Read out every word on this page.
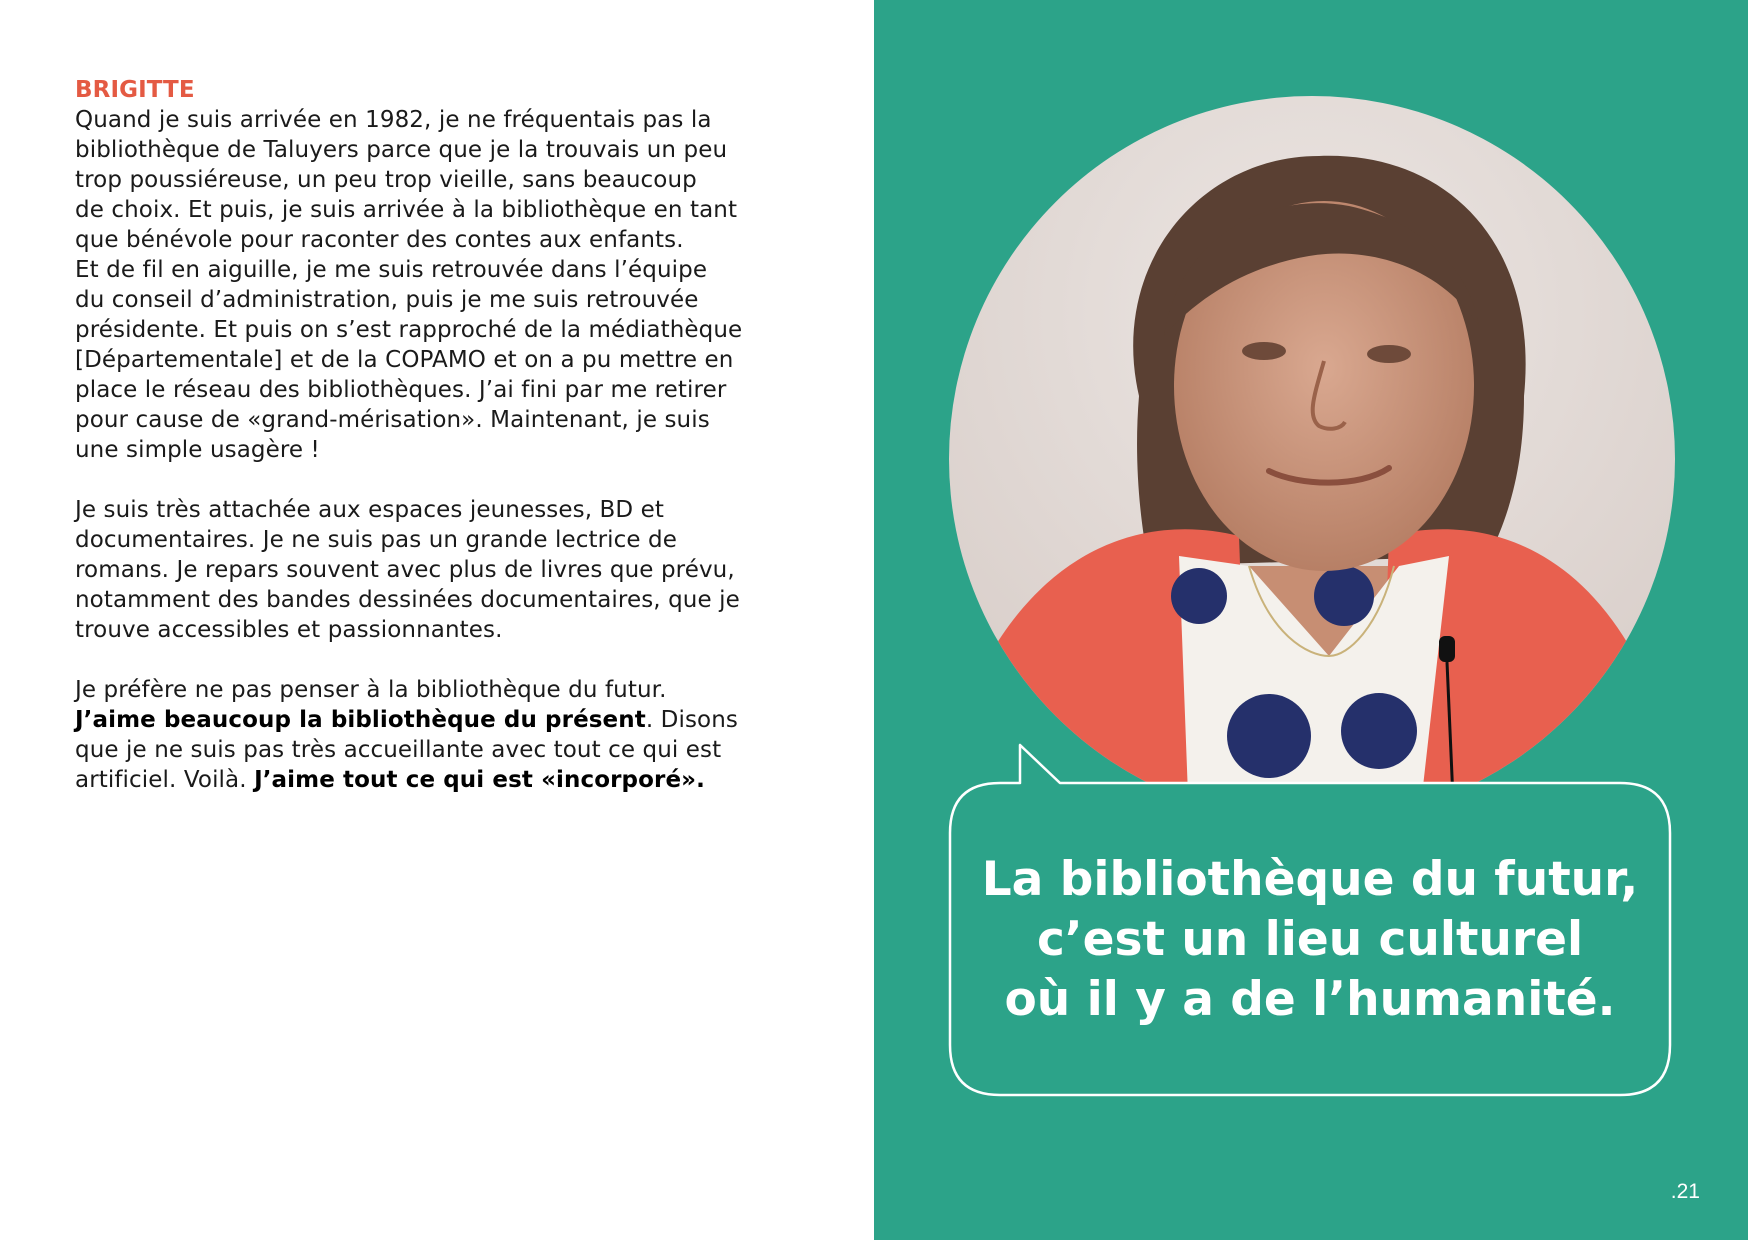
BRIGITTE
Quand je suis arrivée en 1982, je ne fréquentais pas la
bibliothèque de Taluyers parce que je la trouvais un peu
trop poussiéreuse, un peu trop vieille, sans beaucoup
de choix. Et puis, je suis arrivée à la bibliothèque en tant
que bénévole pour raconter des contes aux enfants.
Et de fil en aiguille, je me suis retrouvée dans l’équipe
du conseil d’administration, puis je me suis retrouvée
présidente. Et puis on s’est rapproché de la médiathèque
[Départementale] et de la COPAMO et on a pu mettre en
place le réseau des bibliothèques. J’ai fini par me retirer
pour cause de «grand-mérisation». Maintenant, je suis
une simple usagère !
Je suis très attachée aux espaces jeunesses, BD et
documentaires. Je ne suis pas un grande lectrice de
romans. Je repars souvent avec plus de livres que prévu,
notamment des bandes dessinées documentaires, que je
trouve accessibles et passionnantes.
Je préfère ne pas penser à la bibliothèque du futur.
J’aime beaucoup la bibliothèque du présent. Disons
que je ne suis pas très accueillante avec tout ce qui est
artificiel. Voilà. J’aime tout ce qui est «incorporé».
La bibliothèque du futur,
c’est un lieu culturel
où il y a de l’humanité.
.21
